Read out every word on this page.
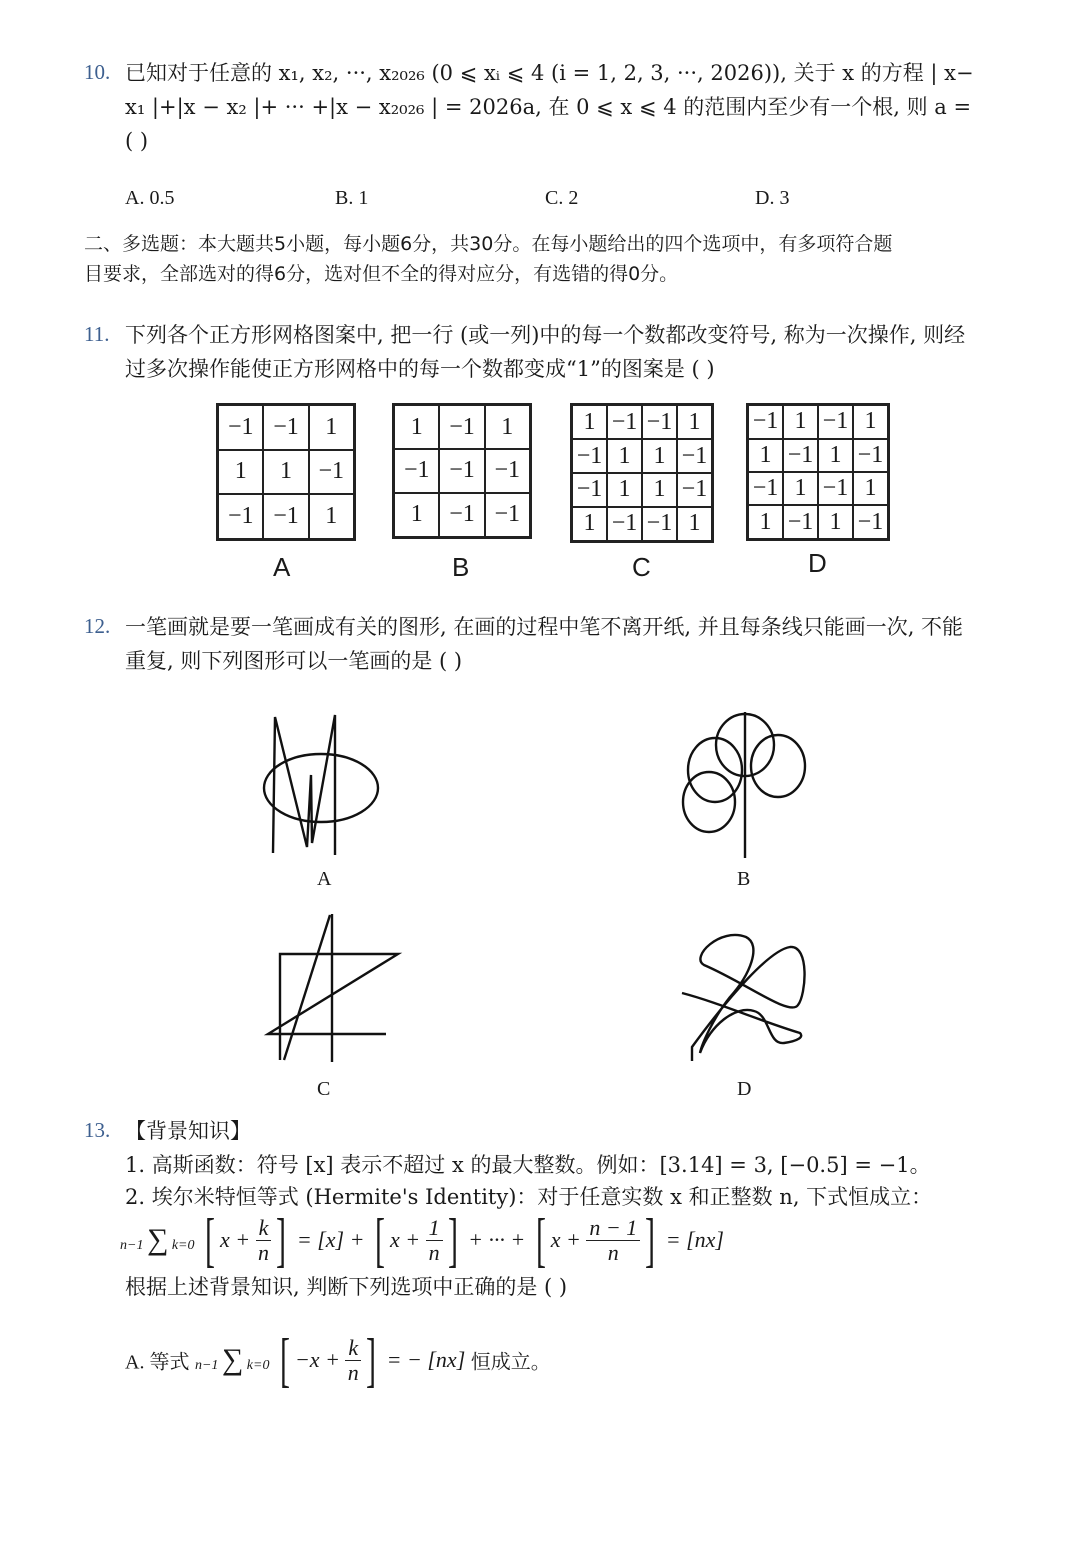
10. 已知对于任意的 x₁, x₂, ···, x₂₀₂₆ (0 ⩽ xᵢ ⩽ 4 (i = 1, 2, 3, ···, 2026)), 关于 x 的方程 | x−
x₁ |+|x − x₂ |+ ··· +|x − x₂₀₂₆ | = 2026a, 在 0 ⩽ x ⩽ 4 的范围内至少有一个根, 则 a =
( )
A. 0.5	B. 1	C. 2	D. 3
二、多选题：本大题共5小题，每小题6分，共30分。在每小题给出的四个选项中，有多项符合题
目要求，全部选对的得6分，选对但不全的得对应分，有选错的得0分。
11. 下列各个正方形网格图案中, 把一行 (或一列)中的每一个数都改变符号, 称为一次操作, 则经
过多次操作能使正方形网格中的每一个数都变成“1”的图案是 ( )
−1	−1	1
1	1	−1
−1	−1	1
A
1	−1	1
−1	−1	−1
1	−1	−1
B
1	−1	−1	1
−1	1	1	−1
−1	1	1	−1
1	−1	−1	1
C
−1	1	−1	1
1	−1	1	−1
−1	1	−1	1
1	−1	1	−1
D
12. 一笔画就是要一笔画成有关的图形, 在画的过程中笔不离开纸, 并且每条线只能画一次, 不能
重复, 则下列图形可以一笔画的是 ( )
A	B
C	D
13. 【背景知识】
1. 高斯函数：符号 [x] 表示不超过 x 的最大整数。例如：[3.14] = 3, [−0.5] = −1。
2. 埃尔米特恒等式 (Hermite's Identity)：对于任意实数 x 和正整数 n, 下式恒成立：
n−1 ∑ k=0 [ $x + \frac{k}{n}$ ] = [x] + [ $x + \frac{1}{n}$ ] + ··· + [ $x + \frac{n - 1}{n}$ ] = [nx]
根据上述背景知识, 判断下列选项中正确的是 ( )
A. 等式 n−1 ∑ k=0 [ $-x + \frac{k}{n}$ ] = − [nx] 恒成立。
